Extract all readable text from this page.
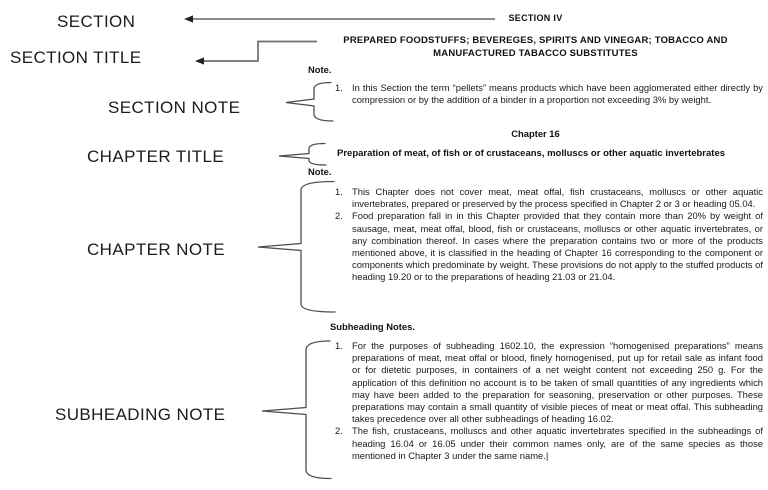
SECTION
SECTION TITLE
SECTION NOTE
CHAPTER TITLE
CHAPTER NOTE
SUBHEADING NOTE
SECTION IV
PREPARED FOODSTUFFS; BEVEREGES, SPIRITS AND VINEGAR; TOBACCO AND
MANUFACTURED TABACCO SUBSTITUTES
Note.
1. In this Section the term “pellets” means products which have been agglomerated either directly by compression or by the addition of a binder in a proportion not exceeding 3% by weight.
Chapter 16
Preparation of meat, of fish or of crustaceans, molluscs or other aquatic invertebrates
Note.
1. This Chapter does not cover meat, meat offal, fish crustaceans, molluscs or other aquatic invertebrates, prepared or preserved by the process specified in Chapter 2 or 3 or heading 05.04.
2. Food preparation fall in in this Chapter provided that they contain more than 20% by weight of sausage, meat, meat offal, blood, fish or crustaceans, molluscs or other aquatic invertebrates, or any combination thereof. In cases where the preparation contains two or more of the products mentioned above, it is classified in the heading of Chapter 16 corresponding to the component or components which predominate by weight. These provisions do not apply to the stuffed products of heading 19.20 or to the preparations of heading 21.03 or 21.04.
Subheading Notes.
1. For the purposes of subheading 1602.10, the expression “homogenised preparations” means preparations of meat, meat offal or blood, finely homogenised, put up for retail sale as infant food or for dietetic purposes, in containers of a net weight content not exceeding 250 g. For the application of this definition no account is to be taken of small quantities of any ingredients which may have been added to the preparation for seasoning, preservation or other purposes. These preparations may contain a small quantity of visible pieces of meat or meat offal. This subheading takes precedence over all other subheadings of heading 16.02.
2. The fish, crustaceans, molluscs and other aquatic invertebrates specified in the subheadings of heading 16.04 or 16.05 under their common names only, are of the same species as those mentioned in Chapter 3 under the same name.|
